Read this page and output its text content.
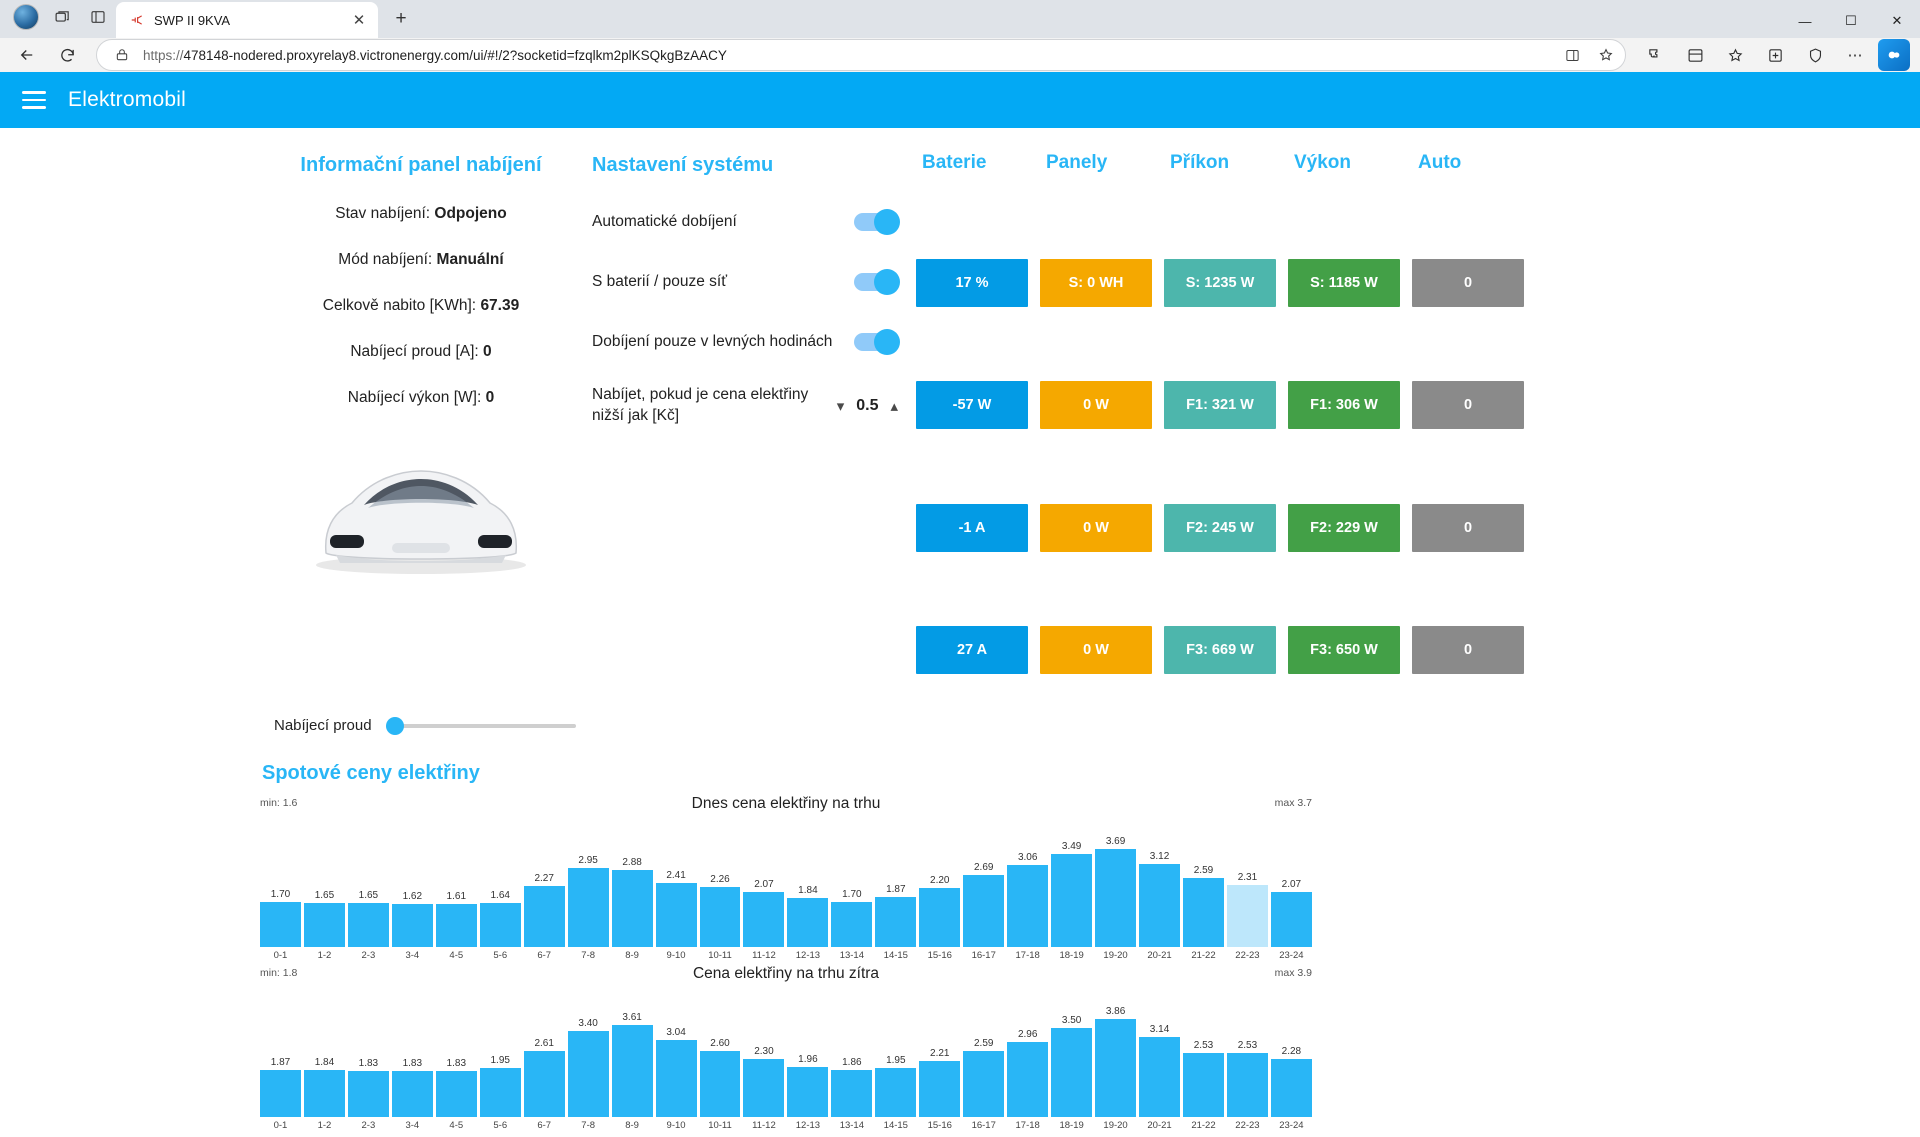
SWP II 9KVA	✕	+	—	☐	✕
https://478148-nodered.proxyrelay8.victronenergy.com/ui/#!/2?socketid=fzqlkm2plKSQkgBzAACY	⋯
Elektromobil
Informační panel nabíjení
Stav nabíjení: Odpojeno
Mód nabíjení: Manuální
Celkově nabito [KWh]: 67.39
Nabíjecí proud [A]: 0
Nabíjecí výkon [W]: 0
Nabíjecí proud
Nastavení systému
Automatické dobíjení
S baterií / pouze síť
Dobíjení pouze v levných hodinách
Nabíjet, pokud je cena elektřiny nižší jak [Kč]
▾ 0.5 ▴
Baterie	Panely	Příkon	Výkon	Auto
17 %	S: 0 WH	S: 1235 W	S: 1185 W	0
-57 W	0 W	F1: 321 W	F1: 306 W	0
-1 A	0 W	F2: 245 W	F2: 229 W	0
27 A	0 W	F3: 669 W	F3: 650 W	0
Spotové ceny elektřiny
min: 1.6	Dnes cena elektřiny na trhu	max 3.7
1.70 1.65 1.65 1.62 1.61 1.64
2.27
2.95 2.88
2.41 2.26 2.07
1.84 1.70 1.87
2.20
2.69
3.06
3.49 3.69
3.12
2.59
2.31
2.07
0-1	1-2	2-3	3-4	4-5	5-6	6-7	7-8	8-9	9-10	10-11	11-12	12-13	13-14	14-15	15-16	16-17	17-18	18-19	19-20	20-21	21-22	22-23	23-24
min: 1.8	Cena elektřiny na trhu zítra	max 3.9
1.87 1.84 1.83 1.83 1.83 1.95
2.61
3.40 3.61
3.04
2.60
2.30
1.96 1.86 1.95
2.21
2.59
2.96
3.50
3.86
3.14
2.53 2.53
2.28
0-1	1-2	2-3	3-4	4-5	5-6	6-7	7-8	8-9	9-10	10-11	11-12	12-13	13-14	14-15	15-16	16-17	17-18	18-19	19-20	20-21	21-22	22-23	23-24
